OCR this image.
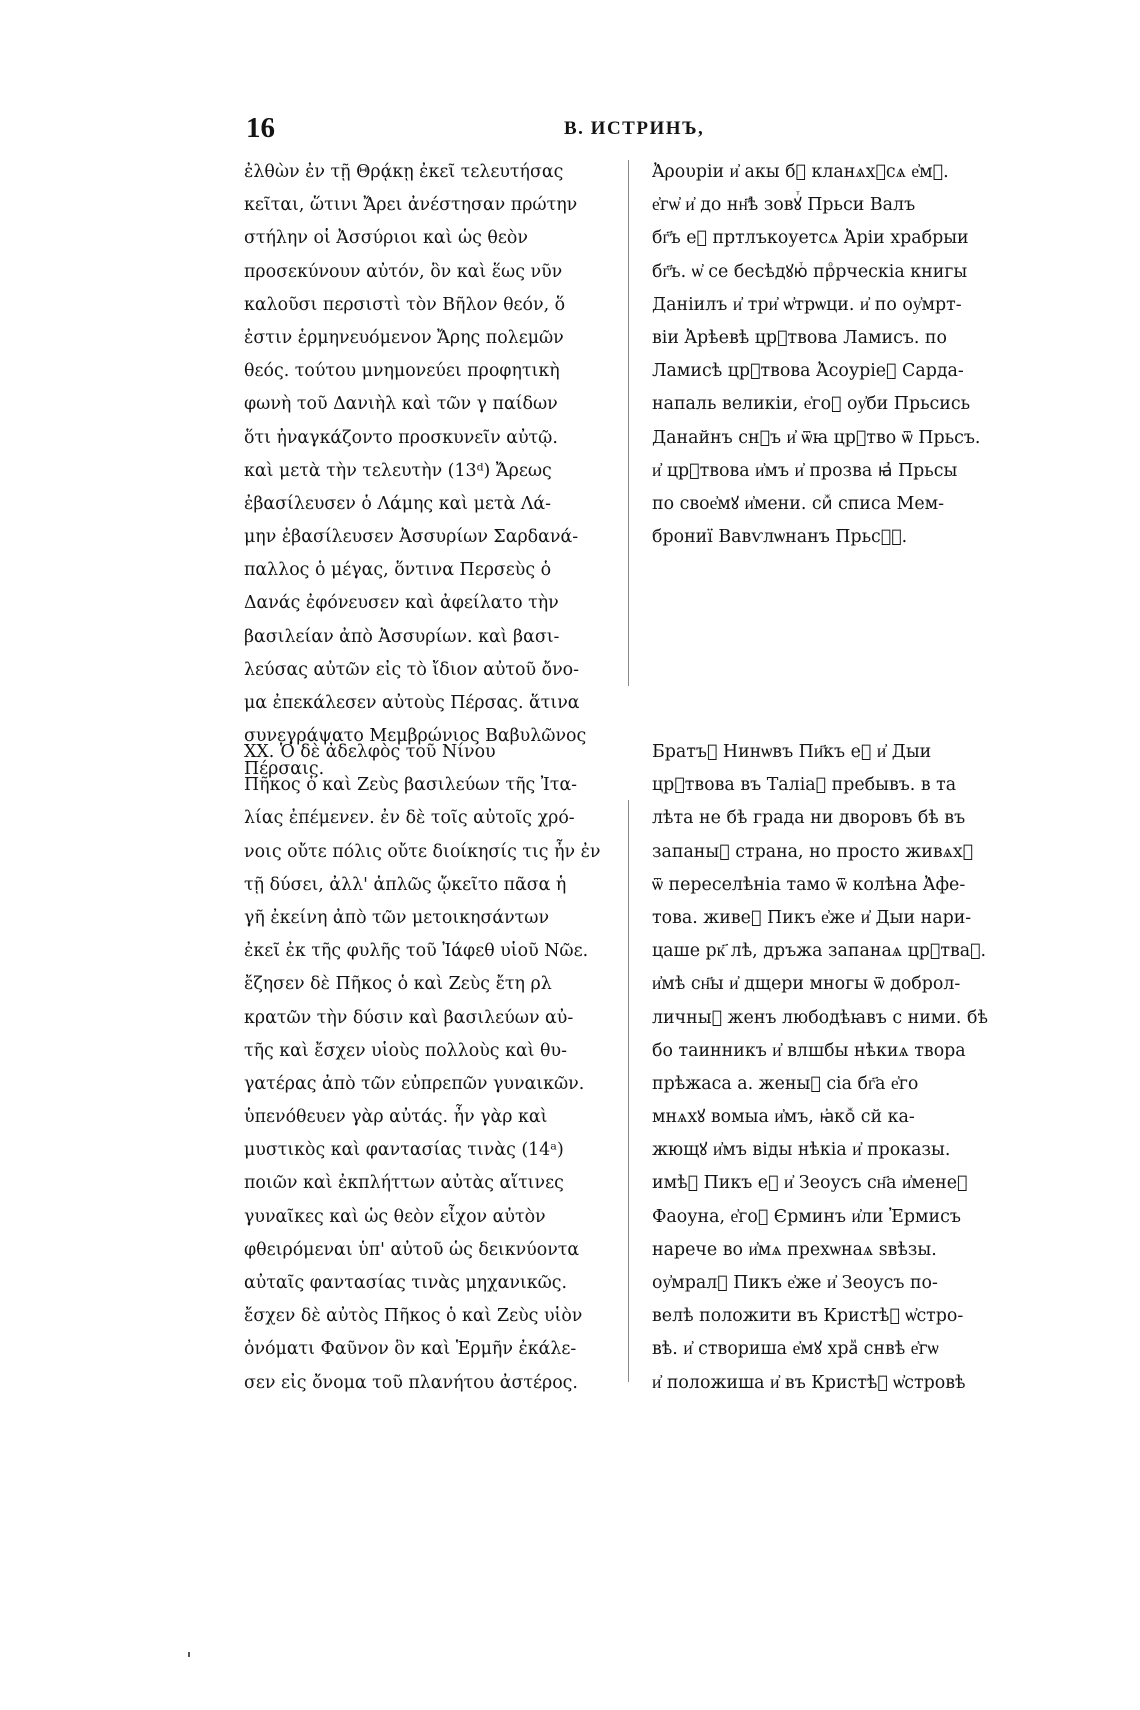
16	В. ИСТРИНЪ,
ἐλθὼν ἐν τῇ Θρᾴκῃ ἐκεῖ τελευτήσας
κεῖται, ὥτινι Ἄρει ἀνέστησαν πρώτην
στήλην οἱ Ἀσσύριοι καὶ ὡς θεὸν
προσεκύνουν αὐτόν, ὃν καὶ ἕως νῦν
καλοῦσι περσιστὶ τὸν Βῆλον θεόν, ὅ
ἐστιν ἑρμηνευόμενον Ἄρης πολεμῶν
θεός. τούτου μνημονεύει προφητικὴ
φωνὴ τοῦ Δανιὴλ καὶ τῶν γ παίδων
ὅτι ἠναγκάζοντο προσκυνεῖν αὐτῷ.
καὶ μετὰ τὴν τελευτὴν (13ᵈ) Ἄρεως
ἐβασίλευσεν ὁ Λάμης καὶ μετὰ Λά-
μην ἐβασίλευσεν Ἀσσυρίων Σαρδανά-
παλλος ὁ μέγας, ὅντινα Περσεὺς ὁ
Δανάς ἐφόνευσεν καὶ ἀφείλατο τὴν
βασιλείαν ἀπὸ Ἀσσυρίων. καὶ βασι-
λεύσας αὐτῶν εἰς τὸ ἴδιον αὐτοῦ ὄνο-
μα ἐπεκάλεσεν αὐτοὺς Πέρσας. ἅτινα
συνεγράψατο Μεμβρώνιος Βαβυλῶνος
Πέρσαις.
Ἀρουріи и҆ акы б꙽ кланѧхꙋсѧ е҆мꙋ.
е҆гѡ҆ и҆ до нн҃ѣ зовꙋⷮ Прьси Валъ
бг҃ъ еⷤ пртлъкоуетсѧ Ἀріи храбрыи
бг҃ъ. ѡ҆ се бесѣдꙋюⷮ прⷪрческіа книгы
Даніилъ и҆ три҆ ѡ҆трѡци. и҆ по оу҆мрт-
віи Ἀрѣевѣ црⷭтвова Ламисъ. по
Ламисѣ црⷭтвова Ἀсоуріеⷨ Сарда-
напаль великіи, е҆гоⷤ оу҆би Прьсись
Данайнъ снⷭъ и҆ ѿꙗ црⷭтво ѿ Прьсъ.
и҆ црⷭтвова и҆мъ и҆ прозва ꙗ҆ Прьсы
по свое҆мꙋ и҆мени. сиⷤ списа Мем-
брониї Вавѵлѡнанъ Прьсѡⷨ.
XX. Ὁ δὲ ἀδελφὸς τοῦ Νίνου
Πῆκος ὁ καὶ Ζεὺς βασιλεύων τῆς Ἰτα-
λίας ἐπέμενεν. ἐν δὲ τοῖς αὐτοῖς χρό-
νοις οὔτε πόλις οὔτε διοίκησίς τις ἦν ἐν
τῇ δύσει, ἀλλ' ἁπλῶς ᾤκεῖτο πᾶσα ἡ
γῆ ἐκείνη ἀπὸ τῶν μετοικησάντων
ἐκεῖ ἐκ τῆς φυλῆς τοῦ Ἰάφεθ υἱοῦ Νῶε.
ἔζησεν δὲ Πῆκος ὁ καὶ Ζεὺς ἔτη ρλ
κρατῶν τὴν δύσιν καὶ βασιλεύων αὐ-
τῆς καὶ ἔσχεν υἱοὺς πολλοὺς καὶ θυ-
γατέρας ἀπὸ τῶν εὐπρεπῶν γυναικῶν.
ὑπενόθευεν γὰρ αὐτάς. ἦν γὰρ καὶ
μυστικὸς καὶ φαντασίας τινὰς (14ᵃ)
ποιῶν καὶ ἐκπλήττων αὐτὰς αἵτινες
γυναῖκες καὶ ὡς θεὸν εἶχον αὐτὸν
φθειρόμεναι ὑπ' αὐτοῦ ὡς δεικνύοντα
αὐταῖς φαντασίας τινὰς μηχανικῶς.
ἔσχεν δὲ αὐτὸς Πῆκος ὁ καὶ Ζεὺς υἱὸν
ὀνόματι Φαῦνον ὃν καὶ Ἑρμῆν ἐκάλε-
σεν εἰς ὄνομα τοῦ πλανήτου ἀστέρος.
Братъⷤ Нинѡвъ Пи҃къ еⷤ и҆ Дыи
црⷭтвова въ Таліаⷯ пребывъ. в та
лѣта не бѣ града ни дворовъ бѣ въ
запаныⷯ страна, но просто живѧхꙋ
ѿ переселѣніа тамо ѿ колѣна Ἀфе-
това. живеⷤ Пикъ е҆же и҆ Дыи нари-
цаше рк҃ лѣ, дръжа запанаѧ црⷭтваⷨ.
и҆мѣ сн҃ы и҆ дщери многы ѿ доброл-
личныⷯ женъ любодѣꙗвъ с ними. бѣ
бо таинникъ и҆ влшбы нѣкиѧ твора
прѣжаса а. женыⷤ сіа бг҃а е҆го
мнѧхꙋ вомыа и҆мъ, ꙗ҆коⷤ сй ка-
жющꙋ и҆мъ віды нѣкіа и҆ проказы.
имѣⷤ Пикъ еⷤ и҆ Зеоусъ сн҃а и҆менеⷨ
Фаоуна, е҆гоⷤ Єрминъ и҆ли Ἐрмисъ
нарече во и҆мѧ прехѡнаѧ ѕвѣзы.
оу҆мралⷤ Пикъ е҆же и҆ Зеоусъ по-
велѣ положити въ Кристѣⷨ ѡ҆стро-
вѣ. и҆ створиша е҆мꙋ храⷨ снвѣ е҆гѡ
и҆ положиша и҆ въ Кристѣⷨ ѡ҆стровѣ
